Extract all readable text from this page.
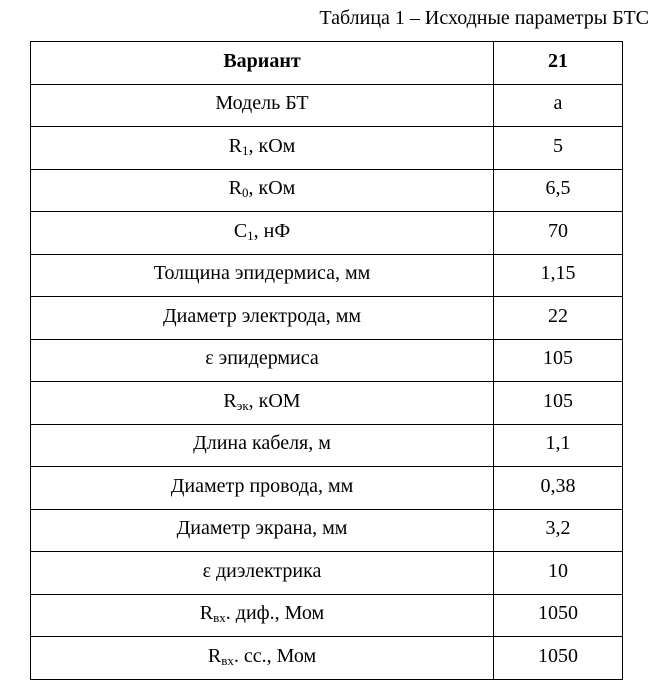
Таблица 1 – Исходные параметры БТС
Вариант	21
Модель БТ	а
$R_1$, кОм	5
$R_0$, кОм	6,5
$C_1$, нФ	70
Толщина эпидермиса, мм	1,15
Диаметр электрода, мм	22
ε эпидермиса	105
$R_{эк}$, кОМ	105
Длина кабеля, м	1,1
Диаметр провода, мм	0,38
Диаметр экрана, мм	3,2
ε диэлектрика	10
$R_{вх}$. диф., Мом	1050
$R_{вх}$. сс., Мом	1050
